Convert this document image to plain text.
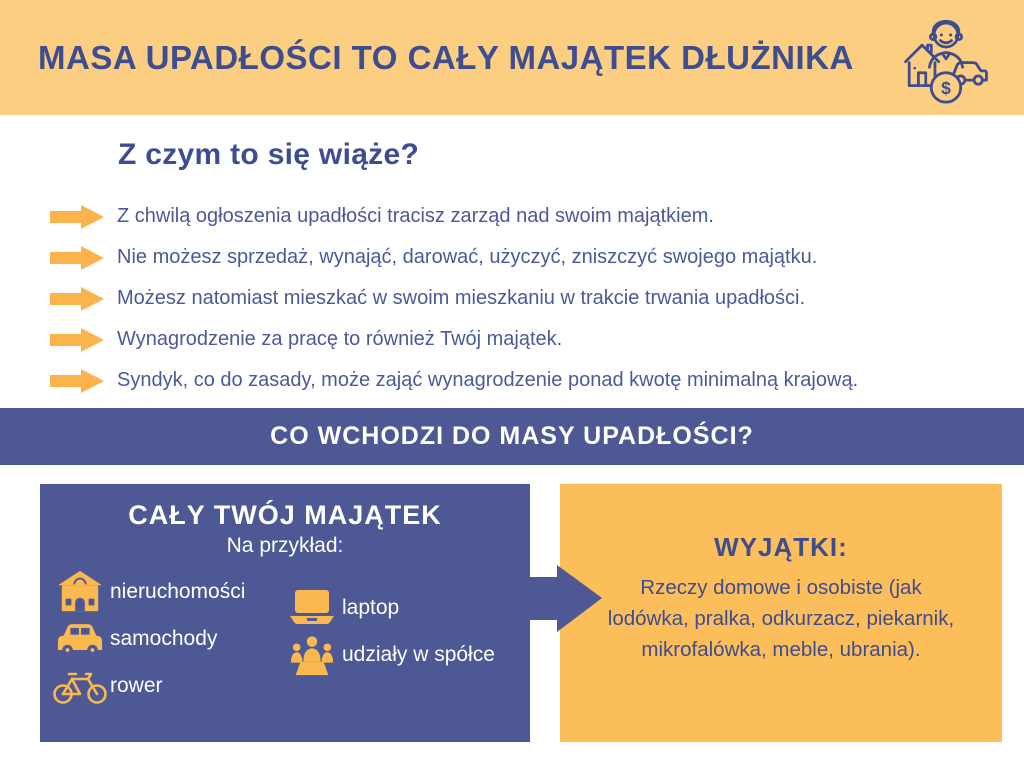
MASA UPADŁOŚCI TO CAŁY MAJĄTEK DŁUŻNIKA
$
Z czym to się wiąże?
Z chwilą ogłoszenia upadłości tracisz zarząd nad swoim majątkiem.
Nie możesz sprzedaż, wynająć, darować, użyczyć, zniszczyć swojego majątku.
Możesz natomiast mieszkać w swoim mieszkaniu w trakcie trwania upadłości.
Wynagrodzenie za pracę to również Twój majątek.
Syndyk, co do zasady, może zająć wynagrodzenie ponad kwotę minimalną krajową.
CO WCHODZI DO MASY UPADŁOŚCI?
CAŁY TWÓJ MAJĄTEK
Na przykład:
nieruchomości
samochody
rower
laptop
udziały w spółce
WYJĄTKI:
Rzeczy domowe i osobiste (jak lodówka, pralka, odkurzacz, piekarnik, mikrofalówka, meble, ubrania).
